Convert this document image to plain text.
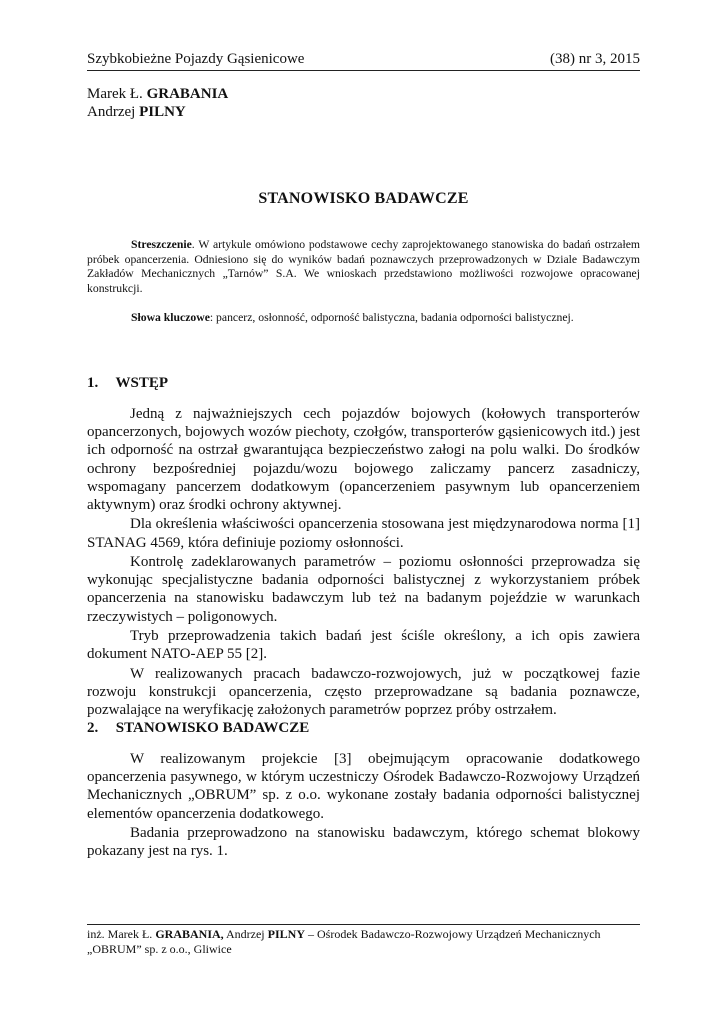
Szybkobieżne Pojazdy Gąsienicowe	(38) nr 3, 2015
Marek Ł. GRABANIA
Andrzej PILNY
STANOWISKO BADAWCZE

Streszczenie. W artykule omówiono podstawowe cechy zaprojektowanego stanowiska do badań ostrzałem próbek opancerzenia. Odniesiono się do wyników badań poznawczych przeprowadzonych w Dziale Badawczym Zakładów Mechanicznych „Tarnów” S.A. We wnioskach przedstawiono możliwości rozwojowe opracowanej konstrukcji.

Słowa kluczowe: pancerz, osłonność, odporność balistyczna, badania odporności balistycznej.

1. WSTĘP

Jedną z najważniejszych cech pojazdów bojowych (kołowych transporterów opancerzonych, bojowych wozów piechoty, czołgów, transporterów gąsienicowych itd.) jest ich odporność na ostrzał gwarantująca bezpieczeństwo załogi na polu walki. Do środków ochrony bezpośredniej pojazdu/wozu bojowego zaliczamy pancerz zasadniczy, wspomagany pancerzem dodatkowym (opancerzeniem pasywnym lub opancerzeniem aktywnym) oraz środki ochrony aktywnej.

Dla określenia właściwości opancerzenia stosowana jest międzynarodowa norma [1] STANAG 4569, która definiuje poziomy osłonności.

Kontrolę zadeklarowanych parametrów – poziomu osłonności przeprowadza się wykonując specjalistyczne badania odporności balistycznej z wykorzystaniem próbek opancerzenia na stanowisku badawczym lub też na badanym pojeździe w warunkach rzeczywistych – poligonowych.

Tryb przeprowadzenia takich badań jest ściśle określony, a ich opis zawiera dokument NATO-AEP 55 [2].

W realizowanych pracach badawczo-rozwojowych, już w początkowej fazie rozwoju konstrukcji opancerzenia, często przeprowadzane są badania poznawcze, pozwalające na weryfikację założonych parametrów poprzez próby ostrzałem.

2. STANOWISKO BADAWCZE

W realizowanym projekcie [3] obejmującym opracowanie dodatkowego opancerzenia pasywnego, w którym uczestniczy Ośrodek Badawczo-Rozwojowy Urządzeń Mechanicznych „OBRUM” sp. z o.o. wykonane zostały badania odporności balistycznej elementów opancerzenia dodatkowego.

Badania przeprowadzono na stanowisku badawczym, którego schemat blokowy pokazany jest na rys. 1.

inż. Marek Ł. GRABANIA, Andrzej PILNY – Ośrodek Badawczo-Rozwojowy Urządzeń Mechanicznych
„OBRUM” sp. z o.o., Gliwice
